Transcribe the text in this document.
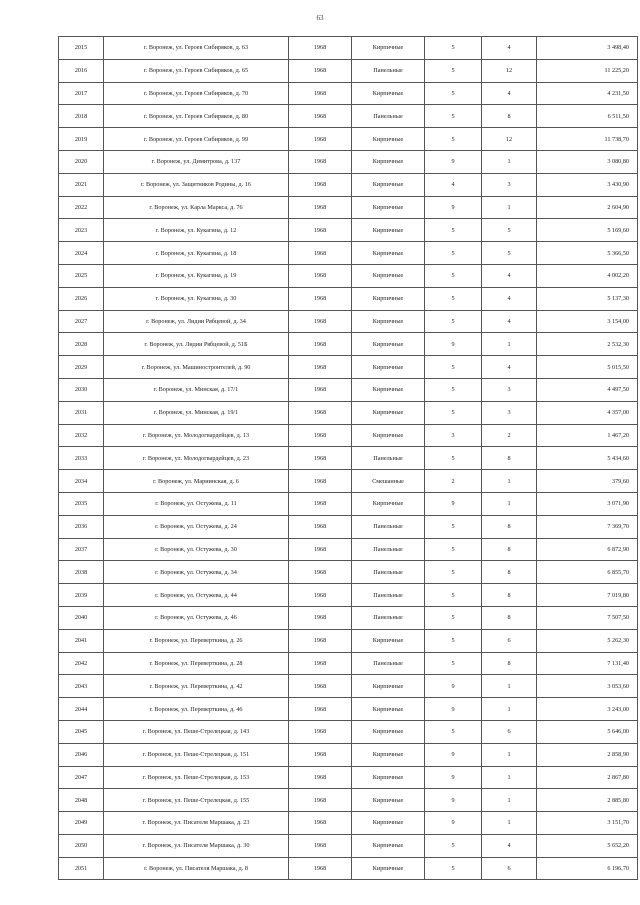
63
2015	г. Воронеж, ул. Героев Сибиряков, д. 63	1968	Кирпичные	5	4	3 498,40
2016	г. Воронеж, ул. Героев Сибиряков, д. 65	1968	Панельные	5	12	11 225,20
2017	г. Воронеж, ул. Героев Сибиряков, д. 70	1968	Кирпичные	5	4	4 231,50
2018	г. Воронеж, ул. Героев Сибиряков, д. 80	1968	Панельные	5	8	6 511,50
2019	г. Воронеж, ул. Героев Сибиряков, д. 99	1968	Кирпичные	5	12	11 738,70
2020	г. Воронеж, ул. Димитрова, д. 137	1968	Кирпичные	9	1	3 080,80
2021	г. Воронеж, ул. Защитников Родины, д. 16	1968	Кирпичные	4	3	3 430,90
2022	г. Воронеж, ул. Карла Маркса, д. 76	1968	Кирпичные	9	1	2 604,90
2023	г. Воронеж, ул. Кукагина, д. 12	1968	Кирпичные	5	5	5 169,60
2024	г. Воронеж, ул. Кукагина, д. 18	1968	Кирпичные	5	5	5 366,50
2025	г. Воронеж, ул. Кукагина, д. 19	1968	Кирпичные	5	4	4 002,20
2026	г. Воронеж, ул. Кукагина, д. 30	1968	Кирпичные	5	4	5 137,30
2027	г. Воронеж, ул. Лидии Рябцевой, д. 34	1968	Кирпичные	5	4	3 154,00
2028	г. Воронеж, ул. Лидии Рябцевой, д. 51Б	1968	Кирпичные	9	1	2 532,30
2029	г. Воронеж, ул. Машиностроителей, д. 90	1968	Кирпичные	5	4	5 015,50
2030	г. Воронеж, ул. Минская, д. 17/1	1968	Кирпичные	5	3	4 497,50
2031	г. Воронеж, ул. Минская, д. 19/1	1968	Кирпичные	5	3	4 357,00
2032	г. Воронеж, ул. Молодогвардейцев, д. 13	1968	Кирпичные	3	2	1 467,20
2033	г. Воронеж, ул. Молодогвардейцев, д. 23	1968	Панельные	5	8	5 434,60
2034	г. Воронеж, ул. Мариинская, д. 6	1968	Смешанные	2	1	379,60
2035	г. Воронеж, ул. Остужева, д. 11	1968	Кирпичные	9	1	3 071,90
2036	г. Воронеж, ул. Остужева, д. 24	1968	Панельные	5	8	7 369,70
2037	г. Воронеж, ул. Остужева, д. 30	1968	Панельные	5	8	6 872,90
2038	г. Воронеж, ул. Остужева, д. 34	1968	Панельные	5	8	6 855,70
2039	г. Воронеж, ул. Остужева, д. 44	1968	Панельные	5	8	7 019,80
2040	г. Воронеж, ул. Остужева, д. 46	1968	Панельные	5	8	7 507,50
2041	г. Воронеж, ул. Переверткина, д. 26	1968	Кирпичные	5	6	5 262,30
2042	г. Воронеж, ул. Переверткина, д. 28	1968	Панельные	5	8	7 131,40
2043	г. Воронеж, ул. Переверткина, д. 42	1968	Кирпичные	9	1	3 053,60
2044	г. Воронеж, ул. Переверткина, д. 46	1968	Кирпичные	9	1	3 243,00
2045	г. Воронеж, ул. Пеше-Стрелецкая, д. 143	1968	Кирпичные	5	6	5 646,00
2046	г. Воронеж, ул. Пеше-Стрелецкая, д. 151	1968	Кирпичные	9	1	2 858,90
2047	г. Воронеж, ул. Пеше-Стрелецкая, д. 153	1968	Кирпичные	9	1	2 867,80
2048	г. Воронеж, ул. Пеше-Стрелецкая, д. 155	1968	Кирпичные	9	1	2 885,80
2049	г. Воронеж, ул. Писателя Маршака, д. 23	1968	Кирпичные	9	1	3 151,70
2050	г. Воронеж, ул. Писателя Маршака, д. 30	1968	Кирпичные	5	4	5 652,20
2051	г. Воронеж, ул. Писателя Маршака, д. 8	1968	Кирпичные	5	6	6 196,70
